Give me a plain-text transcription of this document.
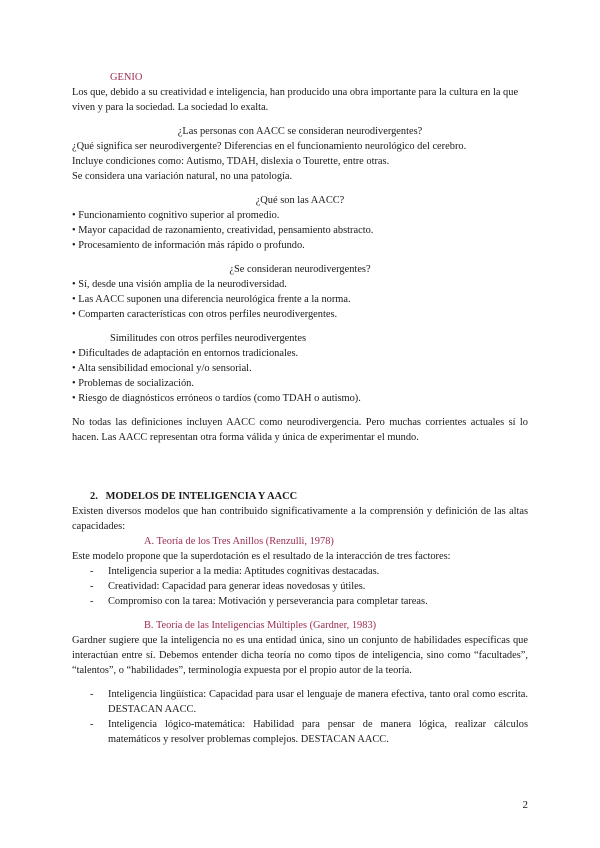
GENIO

Los que, debido a su creatividad e inteligencia, han producido una obra importante para la cultura en la que viven y para la sociedad. La sociedad lo exalta.

¿Las personas con AACC se consideran neurodivergentes?

¿Qué significa ser neurodivergente? Diferencias en el funcionamiento neurológico del cerebro.

Incluye condiciones como: Autismo, TDAH, dislexia o Tourette, entre otras.

Se considera una variación natural, no una patología.

¿Qué son las AACC?

• Funcionamiento cognitivo superior al promedio.

• Mayor capacidad de razonamiento, creatividad, pensamiento abstracto.

• Procesamiento de información más rápido o profundo.

¿Se consideran neurodivergentes?

• Sí, desde una visión amplia de la neurodiversidad.

• Las AACC suponen una diferencia neurológica frente a la norma.

• Comparten características con otros perfiles neurodivergentes.

Similitudes con otros perfiles neurodivergentes

• Dificultades de adaptación en entornos tradicionales.

• Alta sensibilidad emocional y/o sensorial.

• Problemas de socialización.

• Riesgo de diagnósticos erróneos o tardíos (como TDAH o autismo).

No todas las definiciones incluyen AACC como neurodivergencia. Pero muchas corrientes actuales sí lo hacen. Las AACC representan otra forma válida y única de experimentar el mundo.

2. MODELOS DE INTELIGENCIA Y AACC

Existen diversos modelos que han contribuido significativamente a la comprensión y definición de las altas capacidades:

A. Teoría de los Tres Anillos (Renzulli, 1978)

Este modelo propone que la superdotación es el resultado de la interacción de tres factores:

- Inteligencia superior a la media: Aptitudes cognitivas destacadas.
- Creatividad: Capacidad para generar ideas novedosas y útiles.
- Compromiso con la tarea: Motivación y perseverancia para completar tareas.

B. Teoría de las Inteligencias Múltiples (Gardner, 1983)

Gardner sugiere que la inteligencia no es una entidad única, sino un conjunto de habilidades específicas que interactúan entre sí. Debemos entender dicha teoría no como tipos de inteligencia, sino como “facultades”, “talentos”, o “habilidades”, terminología expuesta por el propio autor de la teoría.

- Inteligencia lingüística: Capacidad para usar el lenguaje de manera efectiva, tanto oral como escrita. DESTACAN AACC.
- Inteligencia lógico-matemática: Habilidad para pensar de manera lógica, realizar cálculos matemáticos y resolver problemas complejos. DESTACAN AACC.
2
